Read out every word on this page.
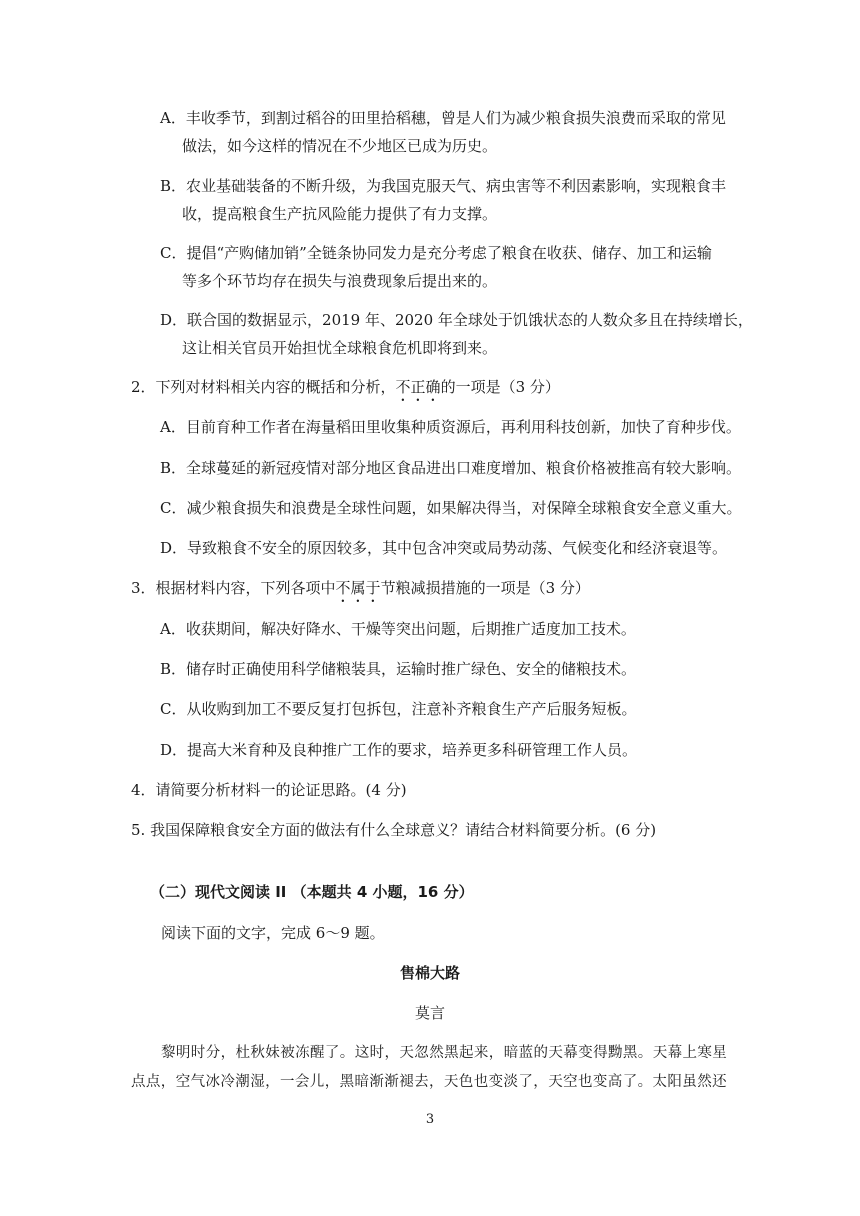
A．丰收季节，到割过稻谷的田里拾稻穗，曾是人们为减少粮食损失浪费而采取的常见
做法，如今这样的情况在不少地区已成为历史。
B．农业基础装备的不断升级，为我国克服天气、病虫害等不利因素影响，实现粮食丰
收，提高粮食生产抗风险能力提供了有力支撑。
C．提倡“产购储加销”全链条协同发力是充分考虑了粮食在收获、储存、加工和运输
等多个环节均存在损失与浪费现象后提出来的。
D．联合国的数据显示，2019 年、2020 年全球处于饥饿状态的人数众多且在持续增长，
这让相关官员开始担忧全球粮食危机即将到来。
2．下列对材料相关内容的概括和分析，不正确的一项是（3 分）
A．目前育种工作者在海量稻田里收集种质资源后，再利用科技创新，加快了育种步伐。
B．全球蔓延的新冠疫情对部分地区食品进出口难度增加、粮食价格被推高有较大影响。
C．减少粮食损失和浪费是全球性问题，如果解决得当，对保障全球粮食安全意义重大。
D．导致粮食不安全的原因较多，其中包含冲突或局势动荡、气候变化和经济衰退等。
3．根据材料内容，下列各项中不属于节粮减损措施的一项是（3 分）
A．收获期间，解决好降水、干燥等突出问题，后期推广适度加工技术。
B．储存时正确使用科学储粮装具，运输时推广绿色、安全的储粮技术。
C．从收购到加工不要反复打包拆包，注意补齐粮食生产产后服务短板。
D．提高大米育种及良种推广工作的要求，培养更多科研管理工作人员。
4．请简要分析材料一的论证思路。(4 分)
5. 我国保障粮食安全方面的做法有什么全球意义？请结合材料简要分析。(6 分)
（二）现代文阅读 II （本题共 4 小题，16 分）
阅读下面的文字，完成 6～9 题。
售棉大路
莫言
黎明时分，杜秋妹被冻醒了。这时，天忽然黑起来，暗蓝的天幕变得黝黑。天幕上寒星
点点，空气冰冷潮湿，一会儿，黑暗渐渐褪去，天色也变淡了，天空也变高了。太阳虽然还
3
